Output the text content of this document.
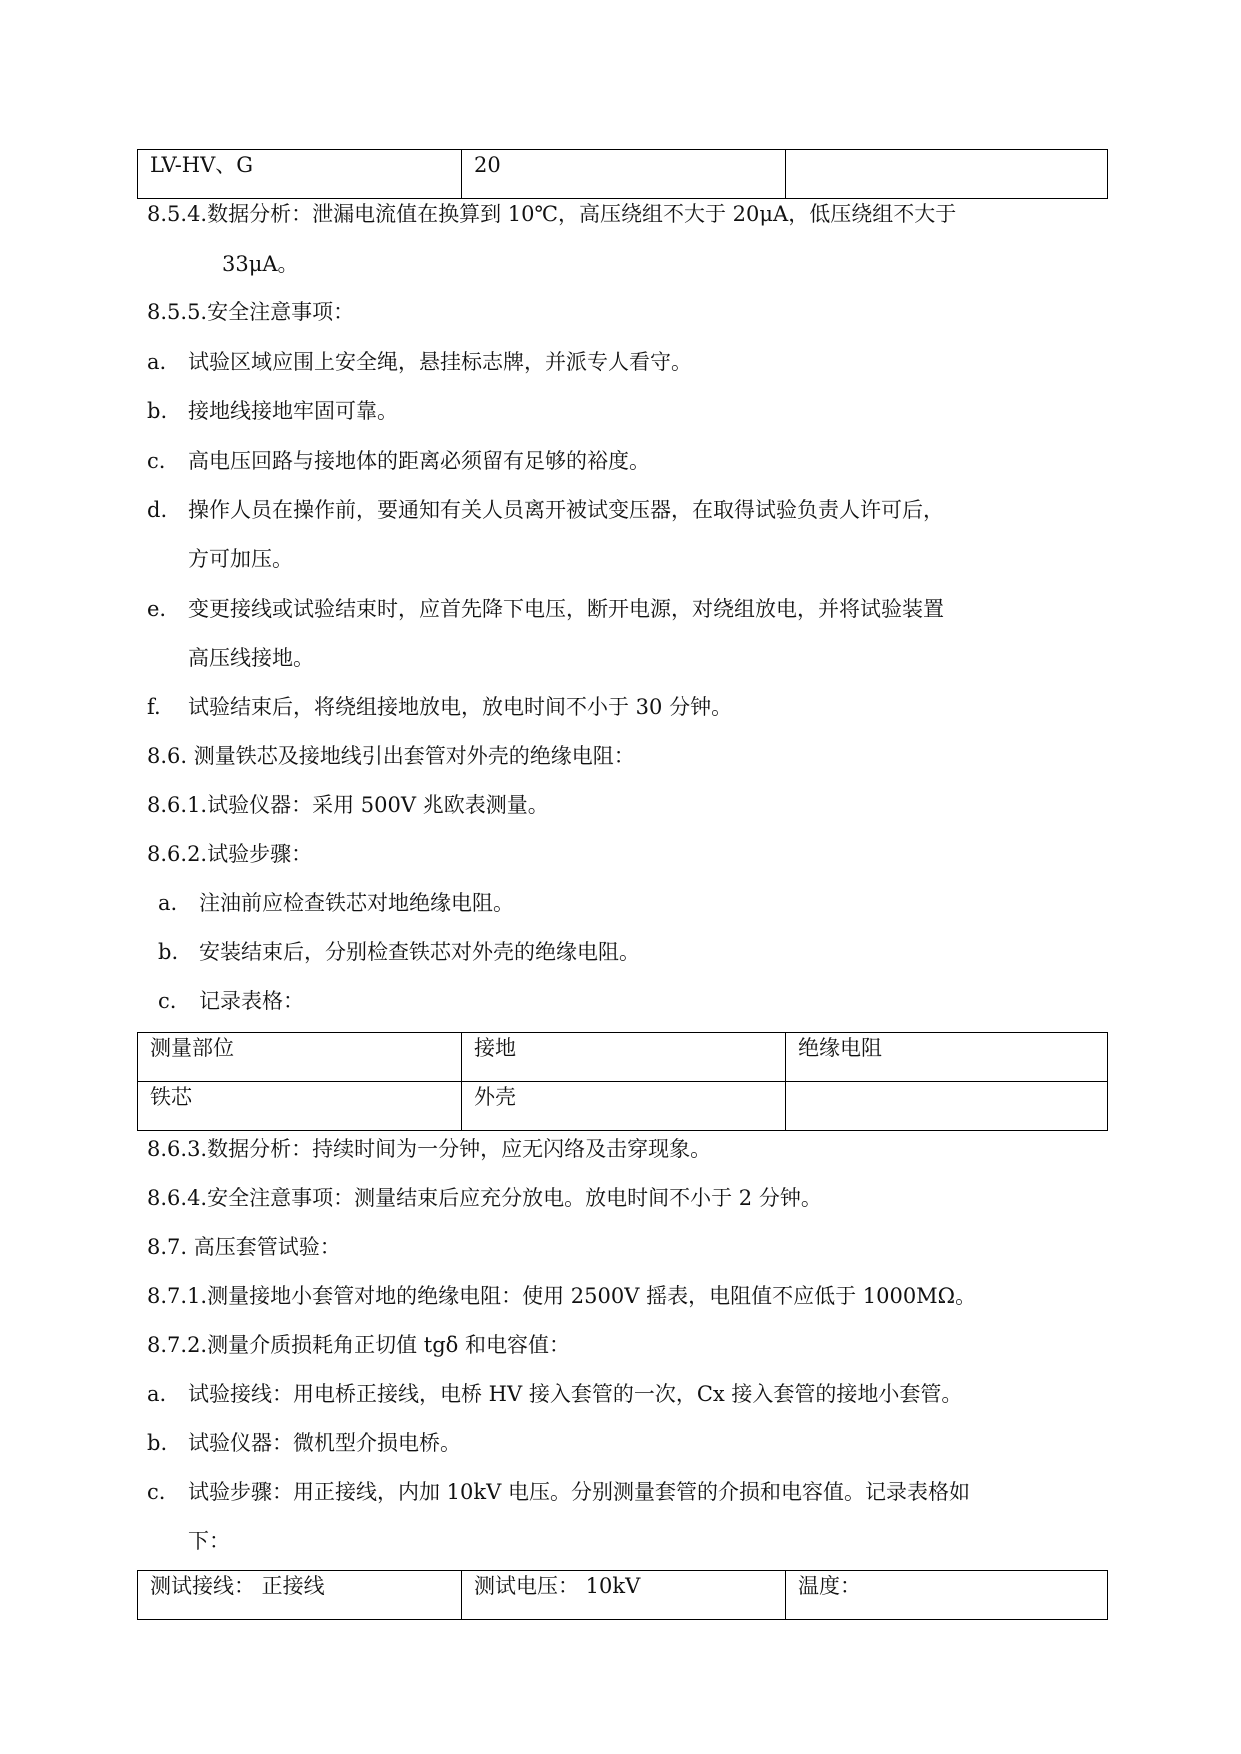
LV-HV、G	20	
8.5.4.数据分析：泄漏电流值在换算到 10℃，高压绕组不大于 20μA，低压绕组不大于
33μA。
8.5.5.安全注意事项：
a. 试验区域应围上安全绳，悬挂标志牌，并派专人看守。
b. 接地线接地牢固可靠。
c. 高电压回路与接地体的距离必须留有足够的裕度。
d. 操作人员在操作前，要通知有关人员离开被试变压器，在取得试验负责人许可后，
方可加压。
e. 变更接线或试验结束时，应首先降下电压，断开电源，对绕组放电，并将试验装置
高压线接地。
f. 试验结束后，将绕组接地放电，放电时间不小于 30 分钟。
8.6. 测量铁芯及接地线引出套管对外壳的绝缘电阻：
8.6.1.试验仪器：采用 500V 兆欧表测量。
8.6.2.试验步骤：
a. 注油前应检查铁芯对地绝缘电阻。
b. 安装结束后，分别检查铁芯对外壳的绝缘电阻。
c. 记录表格：
测量部位	接地	绝缘电阻
铁芯	外壳	
8.6.3.数据分析：持续时间为一分钟，应无闪络及击穿现象。
8.6.4.安全注意事项：测量结束后应充分放电。放电时间不小于 2 分钟。
8.7. 高压套管试验：
8.7.1.测量接地小套管对地的绝缘电阻：使用 2500V 摇表，电阻值不应低于 1000MΩ。
8.7.2.测量介质损耗角正切值 tgδ 和电容值：
a. 试验接线：用电桥正接线，电桥 HV 接入套管的一次，Cx 接入套管的接地小套管。
b. 试验仪器：微机型介损电桥。
c. 试验步骤：用正接线，内加 10kV 电压。分别测量套管的介损和电容值。记录表格如
下：
测试接线： 正接线	测试电压： 10kV	温度：
